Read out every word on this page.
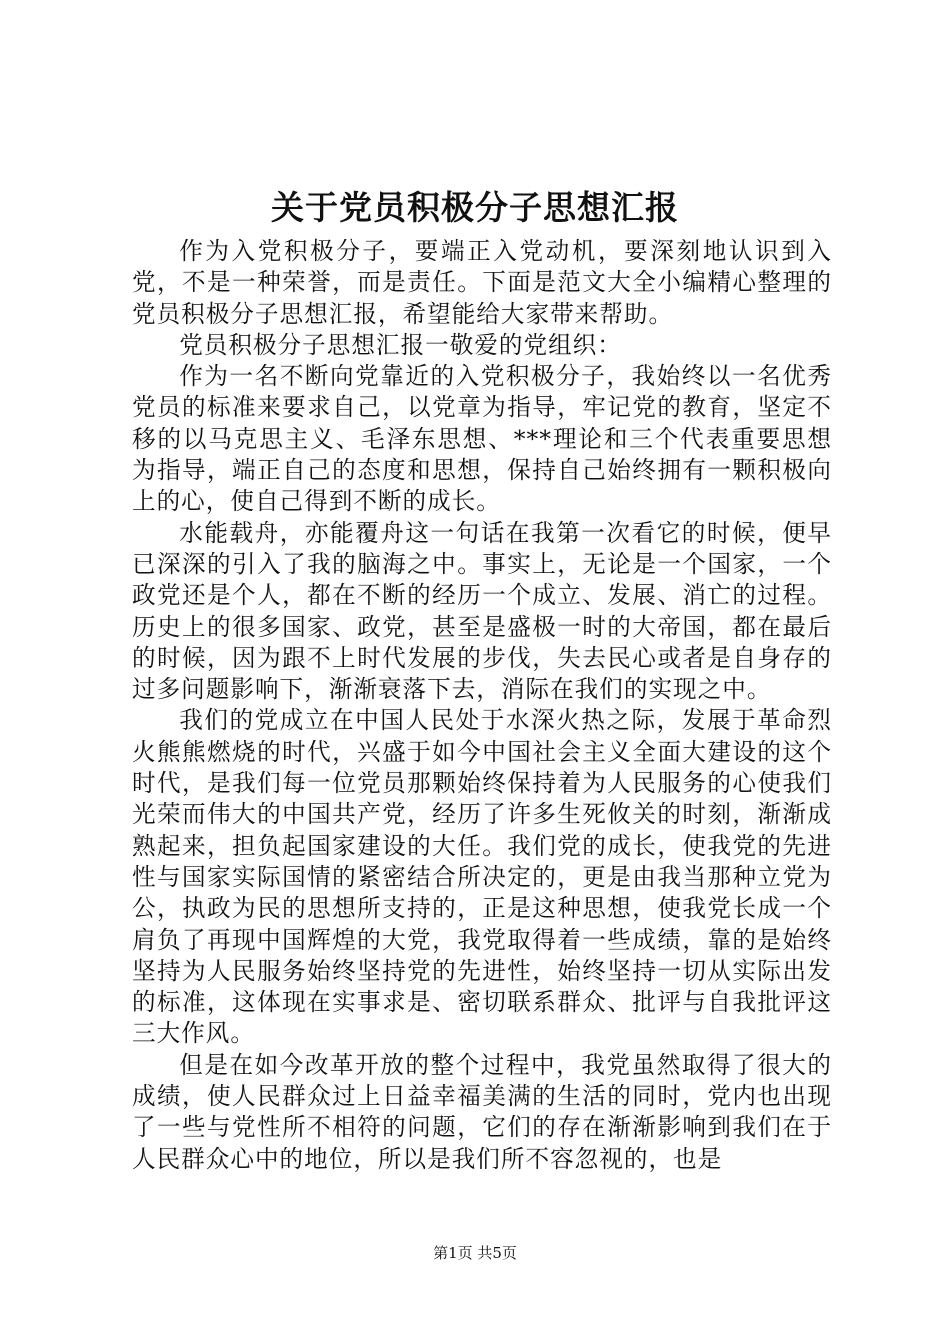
关于党员积极分子思想汇报

作为入党积极分子，要端正入党动机，要深刻地认识到入党，不是一种荣誉，而是责任。下面是范文大全小编精心整理的党员积极分子思想汇报，希望能给大家带来帮助。

党员积极分子思想汇报一敬爱的党组织：

作为一名不断向党靠近的入党积极分子，我始终以一名优秀党员的标准来要求自己，以党章为指导，牢记党的教育，坚定不移的以马克思主义、毛泽东思想、***理论和三个代表重要思想为指导，端正自己的态度和思想，保持自己始终拥有一颗积极向上的心，使自己得到不断的成长。

水能载舟，亦能覆舟这一句话在我第一次看它的时候，便早已深深的引入了我的脑海之中。事实上，无论是一个国家，一个政党还是个人，都在不断的经历一个成立、发展、消亡的过程。历史上的很多国家、政党，甚至是盛极一时的大帝国，都在最后的时候，因为跟不上时代发展的步伐，失去民心或者是自身存的过多问题影响下，渐渐衰落下去，消际在我们的实现之中。

我们的党成立在中国人民处于水深火热之际，发展于革命烈火熊熊燃烧的时代，兴盛于如今中国社会主义全面大建设的这个时代，是我们每一位党员那颗始终保持着为人民服务的心使我们光荣而伟大的中国共产党，经历了许多生死攸关的时刻，渐渐成熟起来，担负起国家建设的大任。我们党的成长，使我党的先进性与国家实际国情的紧密结合所决定的，更是由我当那种立党为公，执政为民的思想所支持的，正是这种思想，使我党长成一个肩负了再现中国辉煌的大党，我党取得着一些成绩，靠的是始终坚持为人民服务始终坚持党的先进性，始终坚持一切从实际出发的标准，这体现在实事求是、密切联系群众、批评与自我批评这三大作风。

但是在如今改革开放的整个过程中，我党虽然取得了很大的成绩，使人民群众过上日益幸福美满的生活的同时，党内也出现了一些与党性所不相符的问题，它们的存在渐渐影响到我们在于人民群众心中的地位，所以是我们所不容忽视的，也是

第1页 共5页
